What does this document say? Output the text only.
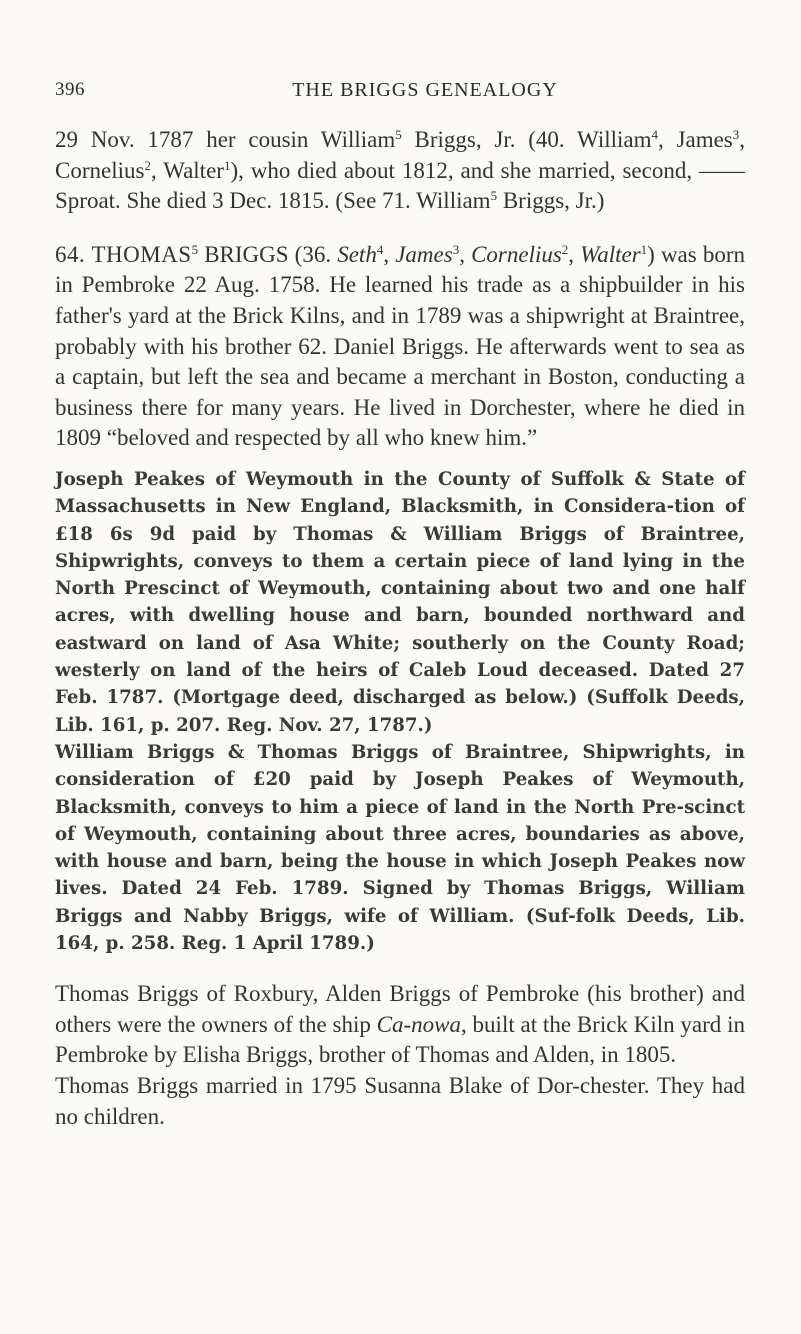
396	THE BRIGGS GENEALOGY

29 Nov. 1787 her cousin William$^5$ Briggs, Jr. (40. William$^4$, James$^3$, Cornelius$^2$, Walter$^1$), who died about 1812, and she married, second, —— Sproat. She died 3 Dec. 1815. (See 71. William$^5$ Briggs, Jr.)

64. THOMAS$^5$ BRIGGS (36. Seth$^4$, James$^3$, Cornelius$^2$, Walter$^1$) was born in Pembroke 22 Aug. 1758. He learned his trade as a shipbuilder in his father's yard at the Brick Kilns, and in 1789 was a shipwright at Braintree, probably with his brother 62. Daniel Briggs. He afterwards went to sea as a captain, but left the sea and became a merchant in Boston, conducting a business there for many years. He lived in Dorchester, where he died in 1809 “beloved and respected by all who knew him.”

Joseph Peakes of Weymouth in the County of Suffolk & State of Massachusetts in New England, Blacksmith, in Considera-tion of £18 6s 9d paid by Thomas & William Briggs of Braintree, Shipwrights, conveys to them a certain piece of land lying in the North Prescinct of Weymouth, containing about two and one half acres, with dwelling house and barn, bounded northward and eastward on land of Asa White; southerly on the County Road; westerly on land of the heirs of Caleb Loud deceased. Dated 27 Feb. 1787. (Mortgage deed, discharged as below.) (Suffolk Deeds, Lib. 161, p. 207. Reg. Nov. 27, 1787.)

William Briggs & Thomas Briggs of Braintree, Shipwrights, in consideration of £20 paid by Joseph Peakes of Weymouth, Blacksmith, conveys to him a piece of land in the North Pre-scinct of Weymouth, containing about three acres, boundaries as above, with house and barn, being the house in which Joseph Peakes now lives. Dated 24 Feb. 1789. Signed by Thomas Briggs, William Briggs and Nabby Briggs, wife of William. (Suf-folk Deeds, Lib. 164, p. 258. Reg. 1 April 1789.)

Thomas Briggs of Roxbury, Alden Briggs of Pembroke (his brother) and others were the owners of the ship Ca-nowa, built at the Brick Kiln yard in Pembroke by Elisha Briggs, brother of Thomas and Alden, in 1805.

Thomas Briggs married in 1795 Susanna Blake of Dor-chester. They had no children.
